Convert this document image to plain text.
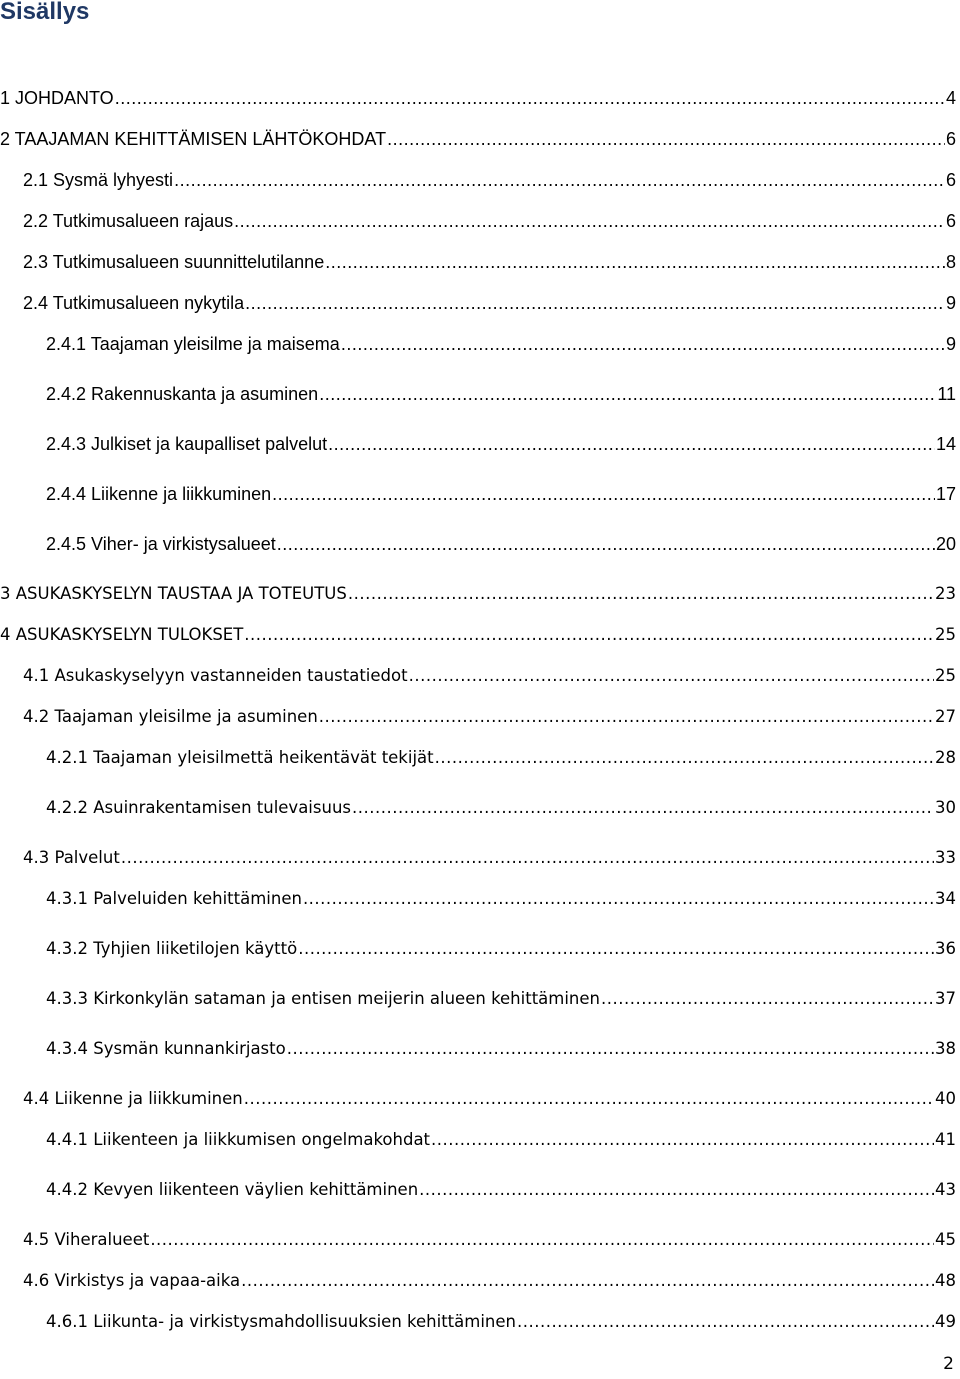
Sisällys
1 JOHDANTO .....	4
2 TAAJAMAN KEHITTÄMISEN LÄHTÖKOHDAT .....	6
2.1 Sysmä lyhyesti .....	6
2.2 Tutkimusalueen rajaus .....	6
2.3 Tutkimusalueen suunnittelutilanne .....	8
2.4 Tutkimusalueen nykytila .....	9
2.4.1 Taajaman yleisilme ja maisema .....	9
2.4.2 Rakennuskanta ja asuminen .....	11
2.4.3 Julkiset ja kaupalliset palvelut .....	14
2.4.4 Liikenne ja liikkuminen .....	17
2.4.5 Viher- ja virkistysalueet .....	20
3 ASUKASKYSELYN TAUSTAA JA TOTEUTUS .....	23
4 ASUKASKYSELYN TULOKSET .....	25
4.1 Asukaskyselyyn vastanneiden taustatiedot .....	25
4.2 Taajaman yleisilme ja asuminen .....	27
4.2.1 Taajaman yleisilmettä heikentävät tekijät .....	28
4.2.2 Asuinrakentamisen tulevaisuus .....	30
4.3 Palvelut .....	33
4.3.1 Palveluiden kehittäminen .....	34
4.3.2 Tyhjien liiketilojen käyttö .....	36
4.3.3 Kirkonkylän sataman ja entisen meijerin alueen kehittäminen .....	37
4.3.4 Sysmän kunnankirjasto .....	38
4.4 Liikenne ja liikkuminen .....	40
4.4.1 Liikenteen ja liikkumisen ongelmakohdat .....	41
4.4.2 Kevyen liikenteen väylien kehittäminen .....	43
4.5 Viheralueet .....	45
4.6 Virkistys ja vapaa-aika .....	48
4.6.1 Liikunta- ja virkistysmahdollisuuksien kehittäminen .....	49
2
